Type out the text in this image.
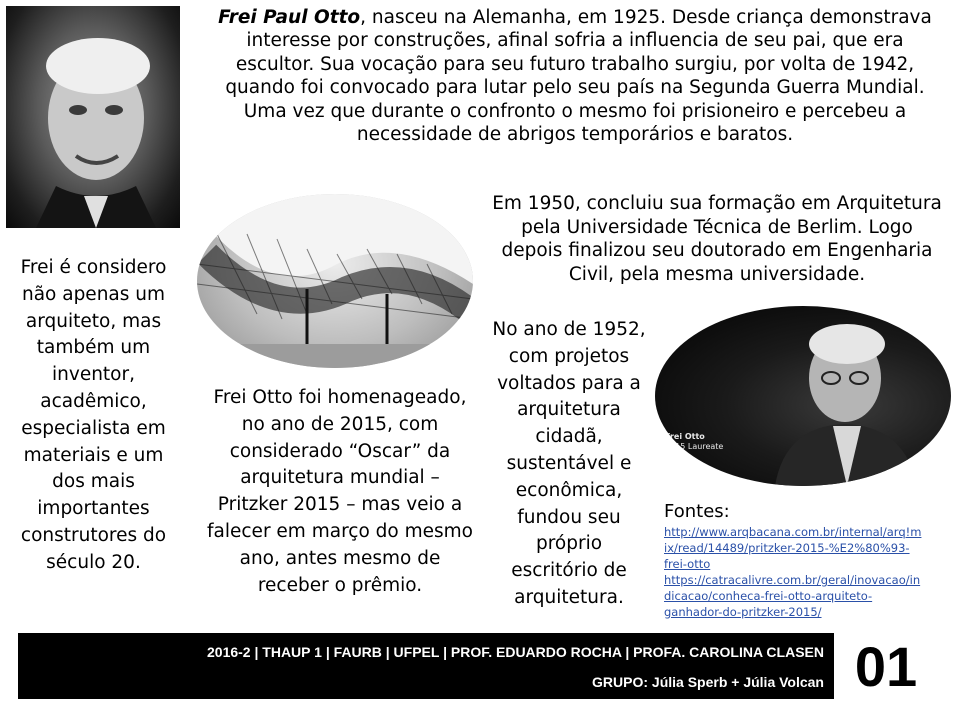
Frei Paul Otto, nasceu na Alemanha, em 1925. Desde criança demonstrava
interesse por construções, afinal sofria a influencia de seu pai, que era
escultor. Sua vocação para seu futuro trabalho surgiu, por volta de 1942,
quando foi convocado para lutar pelo seu país na Segunda Guerra Mundial.
Uma vez que durante o confronto o mesmo foi prisioneiro e percebeu a
necessidade de abrigos temporários e baratos.
Frei é considero
não apenas um
arquiteto, mas
também um
inventor,
acadêmico,
especialista em
materiais e um
dos mais
importantes
construtores do
século 20.
Em 1950, concluiu sua formação em Arquitetura
pela Universidade Técnica de Berlim. Logo
depois finalizou seu doutorado em Engenharia
Civil, pela mesma universidade.
No ano de 1952,
com projetos
voltados para a
arquitetura
cidadã,
sustentável e
econômica,
fundou seu
próprio
escritório de
arquitetura.
Frei Otto
2015 Laureate
Frei Otto foi homenageado,
no ano de 2015, com
considerado “Oscar” da
arquitetura mundial –
Pritzker 2015 – mas veio a
falecer em março do mesmo
ano, antes mesmo de
receber o prêmio.
Fontes:
http://www.arqbacana.com.br/internal/arq!m
ix/read/14489/pritzker-2015-%E2%80%93-
frei-otto
https://catracalivre.com.br/geral/inovacao/in
dicacao/conheca-frei-otto-arquiteto-
ganhador-do-pritzker-2015/
2016-2 | THAUP 1 | FAURB | UFPEL | PROF. EDUARDO ROCHA | PROFA. CAROLINA CLASEN
GRUPO: Júlia Sperb + Júlia Volcan 01
